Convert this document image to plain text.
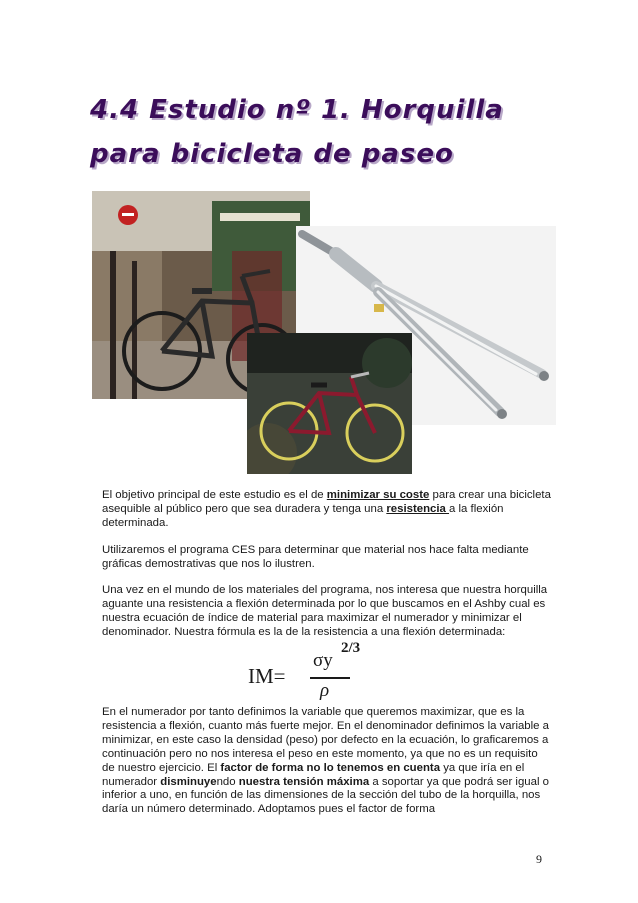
4.4 Estudio nº 1. Horquilla para bicicleta de paseo

El objetivo principal de este estudio es el de minimizar su coste para crear una bicicleta asequible al público pero que sea duradera y tenga una resistencia a la flexión determinada.

Utilizaremos el programa CES para determinar que material nos hace falta mediante gráficas demostrativas que nos lo ilustren.

Una vez en el mundo de los materiales del programa, nos interesa que nuestra horquilla aguante una resistencia a flexión determinada por lo que buscamos en el Ashby cual es nuestra ecuación de índice de material para maximizar el numerador y minimizar el denominador. Nuestra fórmula es la de la resistencia a una flexión determinada:

IM=
σy
2/3
ρ

En el numerador por tanto definimos la variable que queremos maximizar, que es la resistencia a flexión, cuanto más fuerte mejor. En el denominador definimos la variable a minimizar, en este caso la densidad (peso) por defecto en la ecuación, lo graficaremos a continuación pero no nos interesa el peso en este momento, ya que no es un requisito de nuestro ejercicio. El factor de forma no lo tenemos en cuenta ya que iría en el numerador disminuyendo nuestra tensión máxima a soportar ya que podrá ser igual o inferior a uno, en función de las dimensiones de la sección del tubo de la horquilla, nos daría un número determinado. Adoptamos pues el factor de forma

9
